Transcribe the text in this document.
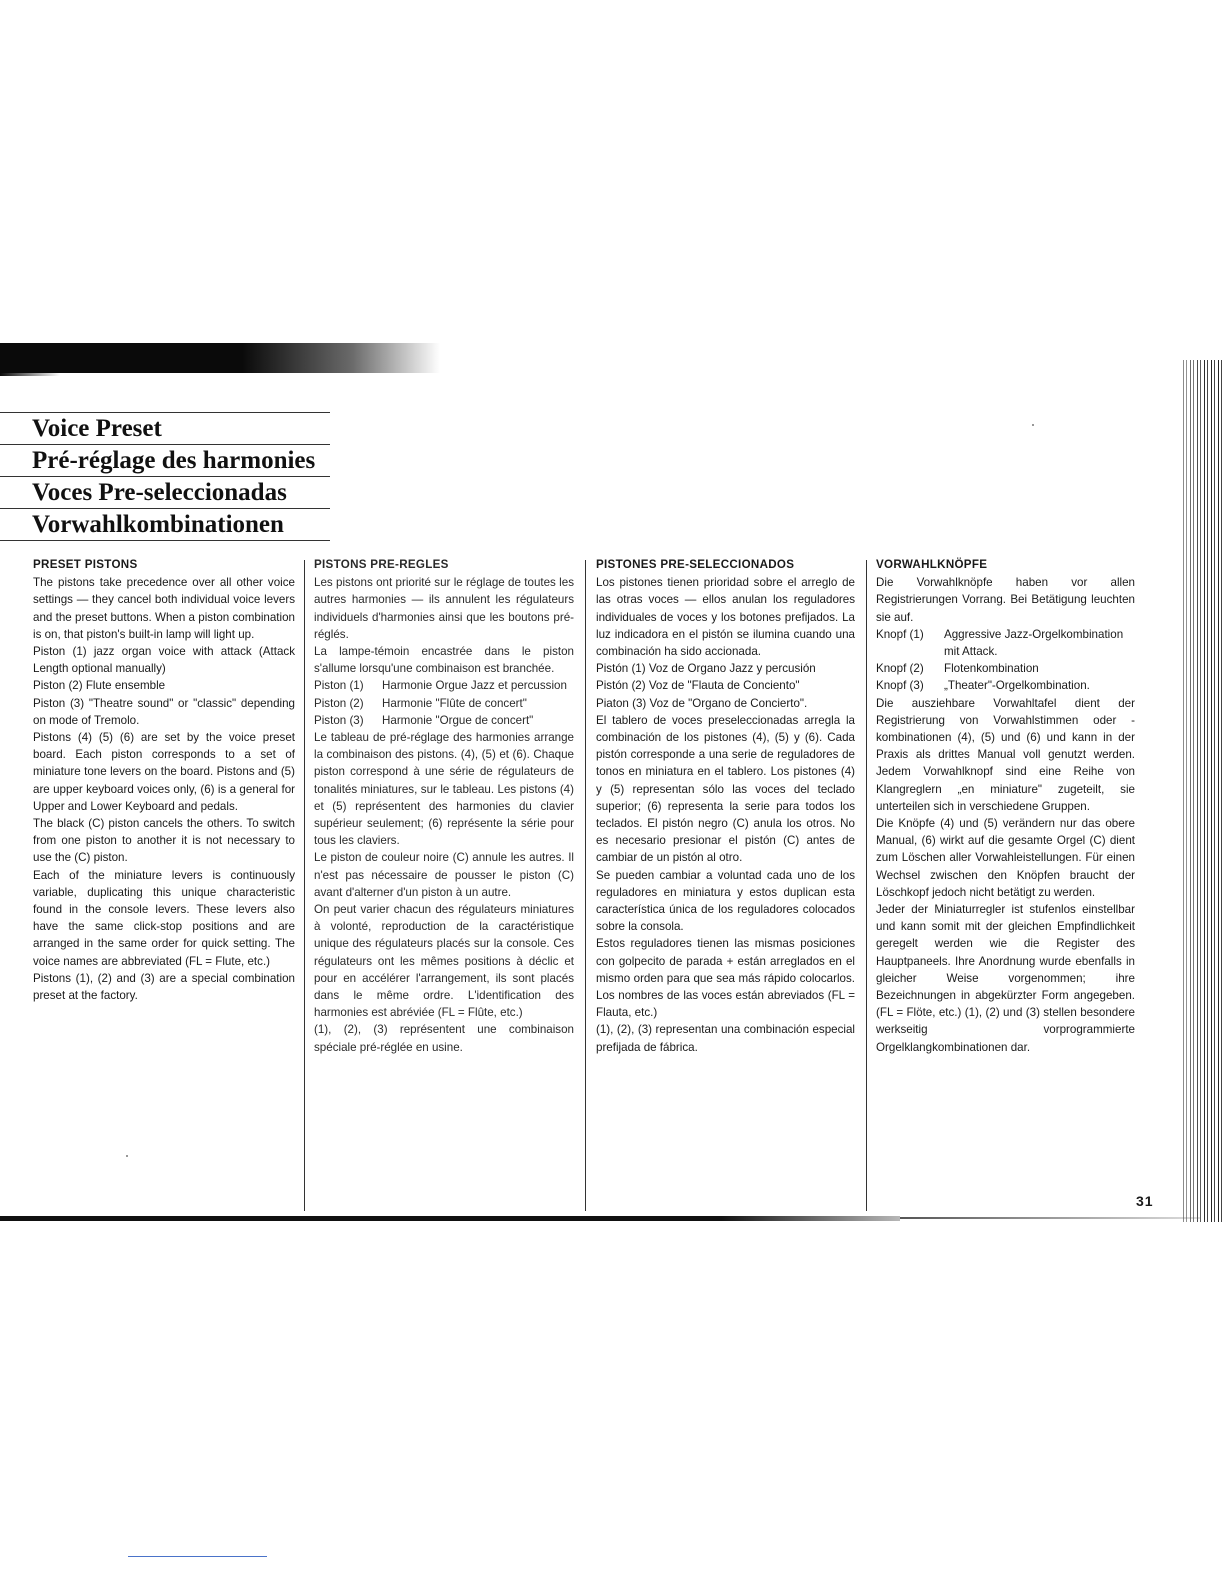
Voice Preset
Pré-réglage des harmonies
Voces Pre-seleccionadas
Vorwahlkombinationen

PRESET PISTONS

The pistons take precedence over all other voice settings — they cancel both individual voice levers and the preset buttons. When a piston combination is on, that piston's built-in lamp will light up.

Piston (1) jazz organ voice with attack (Attack Length optional manually)

Piston (2) Flute ensemble

Piston (3) "Theatre sound" or "classic" depending on mode of Tremolo.

Pistons (4) (5) (6) are set by the voice preset board. Each piston corresponds to a set of miniature tone levers on the board. Pistons and (5) are upper keyboard voices only, (6) is a general for Upper and Lower Keyboard and pedals.

The black (C) piston cancels the others. To switch from one piston to another it is not necessary to use the (C) piston.

Each of the miniature levers is continuously variable, duplicating this unique characteristic found in the console levers. These levers also have the same click-stop positions and are arranged in the same order for quick setting. The voice names are abbreviated (FL = Flute, etc.)

Pistons (1), (2) and (3) are a special combination preset at the factory.

PISTONS PRE-REGLES

Les pistons ont priorité sur le réglage de toutes les autres harmonies — ils annulent les régulateurs individuels d'harmonies ainsi que les boutons pré-réglés.

La lampe-témoin encastrée dans le piston s'allume lorsqu'une combinaison est branchée.

Piston (1)	Harmonie Orgue Jazz et percussion
Piston (2)	Harmonie "Flûte de concert"
Piston (3)	Harmonie "Orgue de concert"

Le tableau de pré-réglage des harmonies arrange la combinaison des pistons. (4), (5) et (6). Chaque piston correspond à une série de régulateurs de tonalités miniatures, sur le tableau. Les pistons (4) et (5) représentent des harmonies du clavier supérieur seulement; (6) représente la série pour tous les claviers.

Le piston de couleur noire (C) annule les autres. Il n'est pas nécessaire de pousser le piston (C) avant d'alterner d'un piston à un autre.

On peut varier chacun des régulateurs miniatures à volonté, reproduction de la caractéristique unique des régulateurs placés sur la console. Ces régulateurs ont les mêmes positions à déclic et pour en accélérer l'arrangement, ils sont placés dans le même ordre. L'identification des harmonies est abréviée (FL = Flûte, etc.)

(1), (2), (3) représentent une combinaison spéciale pré-réglée en usine.

PISTONES PRE-SELECCIONADOS

Los pistones tienen prioridad sobre el arreglo de las otras voces — ellos anulan los reguladores individuales de voces y los botones prefijados. La luz indicadora en el pistón se ilumina cuando una combinación ha sido accionada.

Pistón (1) Voz de Organo Jazz y percusión

Pistón (2) Voz de "Flauta de Conciento"

Piaton (3) Voz de "Organo de Concierto".

El tablero de voces preseleccionadas arregla la combinación de los pistones (4), (5) y (6). Cada pistón corresponde a una serie de reguladores de tonos en miniatura en el tablero. Los pistones (4) y (5) representan sólo las voces del teclado superior; (6) representa la serie para todos los teclados. El pistón negro (C) anula los otros. No es necesario presionar el pistón (C) antes de cambiar de un pistón al otro.

Se pueden cambiar a voluntad cada uno de los reguladores en miniatura y estos duplican esta característica única de los reguladores colocados sobre la consola.

Estos reguladores tienen las mismas posiciones con golpecito de parada + están arreglados en el mismo orden para que sea más rápido colocarlos. Los nombres de las voces están abreviados (FL = Flauta, etc.)

(1), (2), (3) representan una combinación especial prefijada de fábrica.

VORWAHLKNÖPFE

Die Vorwahlknöpfe haben vor allen Registrierungen Vorrang. Bei Betätigung leuchten sie auf.

Knopf (1)	Aggressive Jazz-Orgelkombination mit Attack.
Knopf (2)	Flotenkombination
Knopf (3)	„Theater"-Orgelkombination.

Die ausziehbare Vorwahltafel dient der Registrierung von Vorwahlstimmen oder -kombinationen (4), (5) und (6) und kann in der Praxis als drittes Manual voll genutzt werden. Jedem Vorwahlknopf sind eine Reihe von Klangreglern „en miniature" zugeteilt, sie unterteilen sich in verschiedene Gruppen.

Die Knöpfe (4) und (5) verändern nur das obere Manual, (6) wirkt auf die gesamte Orgel (C) dient zum Löschen aller Vorwahleistellungen. Für einen Wechsel zwischen den Knöpfen braucht der Löschkopf jedoch nicht betätigt zu werden.

Jeder der Miniaturregler ist stufenlos einstellbar und kann somit mit der gleichen Empfindlichkeit geregelt werden wie die Register des Hauptpaneels. Ihre Anordnung wurde ebenfalls in gleicher Weise vorgenommen; ihre Bezeichnungen in abgekürzter Form angegeben. (FL = Flöte, etc.) (1), (2) und (3) stellen besondere werkseitig vorprogrammierte Orgelklangkombinationen dar.

31
